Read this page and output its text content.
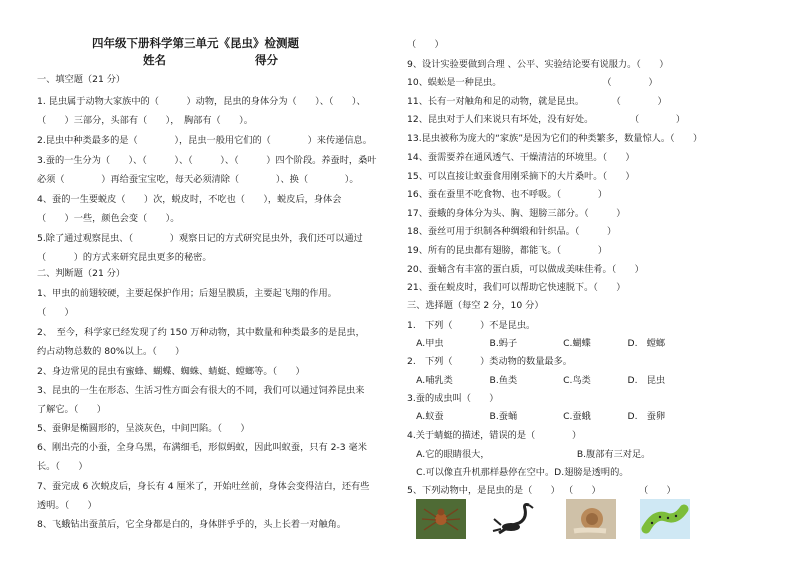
四年级下册科学第三单元《昆虫》检测题
姓名	得分
一、填空题（21 分）
1. 昆虫属于动物大家族中的（　　　）动物，昆虫的身体分为（　　）、（　　）、
（　　）三部分，头部有（　　），　胸部有（　　）。
2.昆虫中种类最多的是（　　　　），昆虫一般用它们的（　　　　）来传递信息。
3.蚕的一生分为（　　）、（　　　）、（　　　）、（　　　）四个阶段。养蚕时，桑叶
必须（　　　　）再给蚕宝宝吃，每天必须清除（　　　　）、换（　　　　）。
4、蚕的一生要蜕皮（　　）次，蜕皮时，不吃也（　　），蜕皮后，身体会
（　　）一些，颜色会变（　　）。
5.除了通过观察昆虫、（　　　　）观察日记的方式研究昆虫外，我们还可以通过
（　　　）的方式来研究昆虫更多的秘密。
二、判断题（21 分）
1、甲虫的前翅较硬，主要起保护作用；后翅呈膜质，主要起飞翔的作用。
（　　）
2、　至今，科学家已经发现了约 150 万种动物，其中数量和种类最多的是昆虫，
约占动物总数的 80%以上。（　　）
2、身边常见的昆虫有蜜蜂、蝴蝶、蜘蛛、蜻蜓、螳螂等。（　　）
3、昆虫的一生在形态、生活习性方面会有很大的不同，我们可以通过饲养昆虫来
了解它。（　　）
5、蚕卵是椭圆形的，呈淡灰色，中间凹陷。（　　）
6、刚出壳的小蚕，全身乌黑，布满细毛，形似蚂蚁，因此叫蚁蚕，只有 2-3 毫米
长。（　　）
7、蚕完成 6 次蜕皮后，身长有 4 厘米了，开始吐丝前，身体会变得洁白，还有些
透明。（　　）
8、飞蛾钻出蚕茧后，它全身都是白的，身体胖乎乎的，头上长着一对触角。
（　　）
9、设计实验要做到合理 、公平、实验结论要有说服力。（　　）
10、蜈蚣是一种昆虫。　　　　　　　　　　　　（　　　　）
11、长有一对触角和足的动物，就是昆虫。　　　　（　　　　）
12、昆虫对于人们来说只有坏处，没有好处。　　　　　（　　　　）
13.昆虫被称为庞大的“家族”是因为它们的种类繁多，数量惊人。（　　）
14、蚕需要养在通风透气、干燥清洁的环境里。（　　）
15、可以直接让蚁蚕食用刚采摘下的大片桑叶。（　　）
16、蚕在蚕里不吃食物、也不呼吸。（　　　　）
17、蚕蛾的身体分为头、胸、翅膀三部分。（　　　）
18、蚕丝可用于织制各种绸缎和针织品。（　　　）
19、所有的昆虫都有翅膀，都能飞。（　　　　）
20、蚕蛹含有丰富的蛋白质，可以做成美味佳肴。（　　）
21、蚕在蜕皮时，我们可以帮助它快速脱下。（　　）
三、选择题（每空 2 分，10 分）
1.　下列（　　　）不是昆虫。
　A.甲虫　　　　　B.蚂子　　　　　C.蝴蝶　　　　D.　螳螂
2.　下列（　　　）类动物的数量最多。
　A.哺乳类　　　　B.鱼类　　　　　C.鸟类　　　　D.　昆虫
3.蚕的成虫叫（　　）
　A.蚁蚕　　　　　B.蚕蛹　　　　　C.蚕蛾　　　　D.　蚕卵
4.关于蜻蜓的描述，错误的是（　　　　）
　A.它的眼睛很大，　　　　　　　　　　B.腹部有三对足。
　C.可以像直升机那样悬停在空中。D.翅膀是透明的。
5、下列动物中，是昆虫的是（　　） （　　）	（　　）
